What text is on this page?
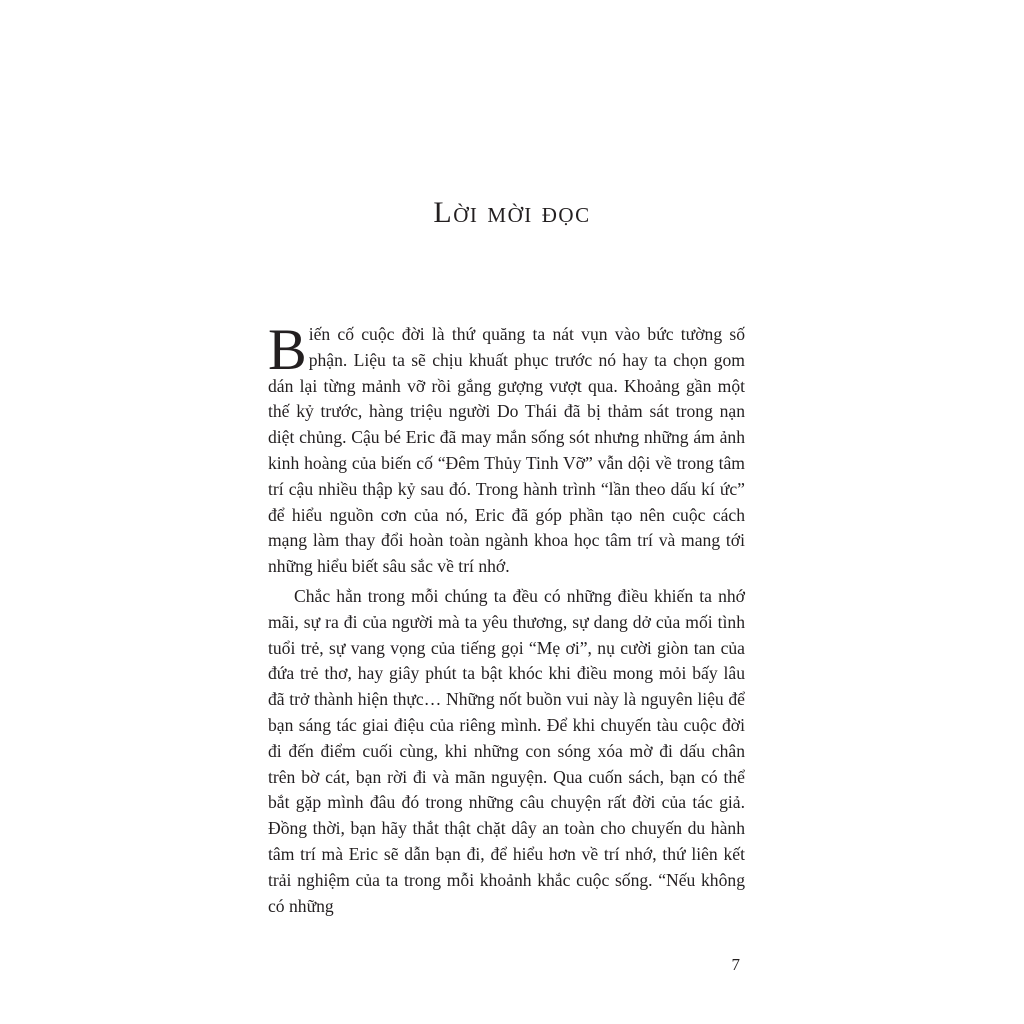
Lời mời đọc

Biến cố cuộc đời là thứ quăng ta nát vụn vào bức tường số phận. Liệu ta sẽ chịu khuất phục trước nó hay ta chọn gom dán lại từng mảnh vỡ rồi gắng gượng vượt qua. Khoảng gần một thế kỷ trước, hàng triệu người Do Thái đã bị thảm sát trong nạn diệt chủng. Cậu bé Eric đã may mắn sống sót nhưng những ám ảnh kinh hoàng của biến cố “Đêm Thủy Tinh Vỡ” vẫn dội về trong tâm trí cậu nhiều thập kỷ sau đó. Trong hành trình “lần theo dấu kí ức” để hiểu nguồn cơn của nó, Eric đã góp phần tạo nên cuộc cách mạng làm thay đổi hoàn toàn ngành khoa học tâm trí và mang tới những hiểu biết sâu sắc về trí nhớ.

Chắc hẳn trong mỗi chúng ta đều có những điều khiến ta nhớ mãi, sự ra đi của người mà ta yêu thương, sự dang dở của mối tình tuổi trẻ, sự vang vọng của tiếng gọi “Mẹ ơi”, nụ cười giòn tan của đứa trẻ thơ, hay giây phút ta bật khóc khi điều mong mỏi bấy lâu đã trở thành hiện thực… Những nốt buồn vui này là nguyên liệu để bạn sáng tác giai điệu của riêng mình. Để khi chuyến tàu cuộc đời đi đến điểm cuối cùng, khi những con sóng xóa mờ đi dấu chân trên bờ cát, bạn rời đi và mãn nguyện. Qua cuốn sách, bạn có thể bắt gặp mình đâu đó trong những câu chuyện rất đời của tác giả. Đồng thời, bạn hãy thắt thật chặt dây an toàn cho chuyến du hành tâm trí mà Eric sẽ dẫn bạn đi, để hiểu hơn về trí nhớ, thứ liên kết trải nghiệm của ta trong mỗi khoảnh khắc cuộc sống. “Nếu không có những

7
